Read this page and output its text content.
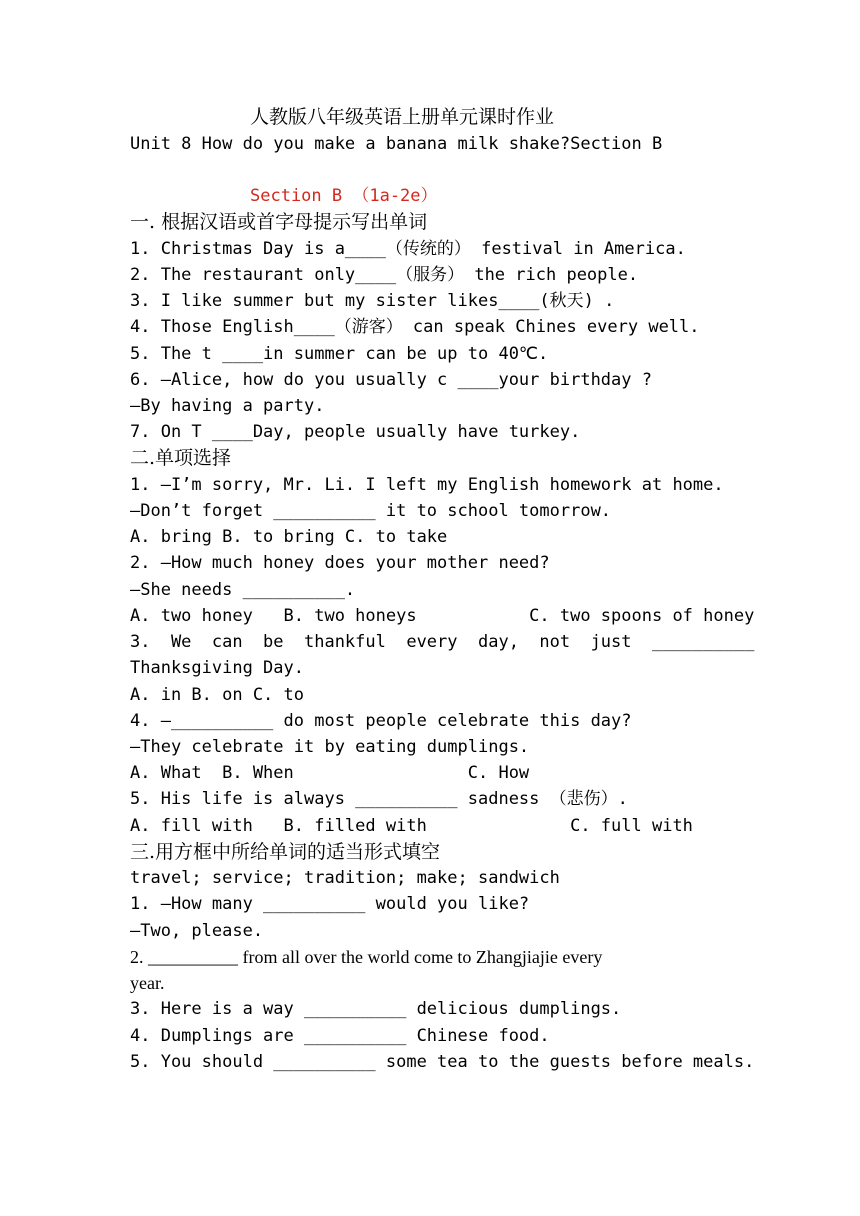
人教版八年级英语上册单元课时作业
Unit 8 How do you make a banana milk shake?Section B
Section B （1a-2e）
一. 根据汉语或首字母提示写出单词
1. Christmas Day is a____（传统的） festival in America.
2. The restaurant only____（服务） the rich people.
3. I like summer but my sister likes____(秋天) .
4. Those English____（游客） can speak Chines every well.
5. The t ____in summer can be up to 40℃.
6. —Alice, how do you usually c ____your birthday ?
—By having a party.
7. On T ____Day, people usually have turkey.
二.单项选择
1. —I’m sorry, Mr. Li. I left my English homework at home.
—Don’t forget __________ it to school tomorrow.
A. bring B. to bring C. to take
2. —How much honey does your mother need?
—She needs __________.
A. two honey   B. two honeys           C. two spoons of honey
3.  We  can  be  thankful  every  day,  not  just  __________
Thanksgiving Day.
A. in B. on C. to
4. —__________ do most people celebrate this day?
—They celebrate it by eating dumplings.
A. What  B. When                 C. How
5. His life is always __________ sadness （悲伤）.
A. fill with   B. filled with              C. full with
三.用方框中所给单词的适当形式填空
travel; service; tradition; make; sandwich
1. —How many __________ would you like?
—Two, please.
2. __________ from all over the world come to Zhangjiajie every
year.
3. Here is a way __________ delicious dumplings.
4. Dumplings are __________ Chinese food.
5. You should __________ some tea to the guests before meals.
